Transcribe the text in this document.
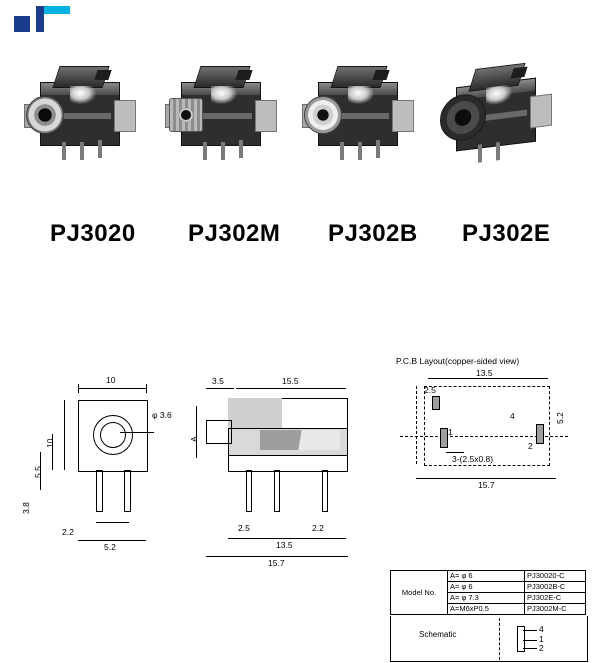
PJ3020 PJ302M PJ302B PJ302E
φ 3.6
10
10
5.5
3.8
2.2
5.2
3.5	15.5
A
2.5	2.2
13.5
15.7
P.C.B Layout(copper-sided view)
13.5
2.5
5.2
4
1
2
3-(2.5x0.8)
15.7
Model No.	A= φ 6	PJ30020-C
	A= φ 6	PJ3002B-C
	A= φ 7.3	PJ302E-C
	A=M6xP0.5	PJ3002M-C
Schematic
4
1
2
